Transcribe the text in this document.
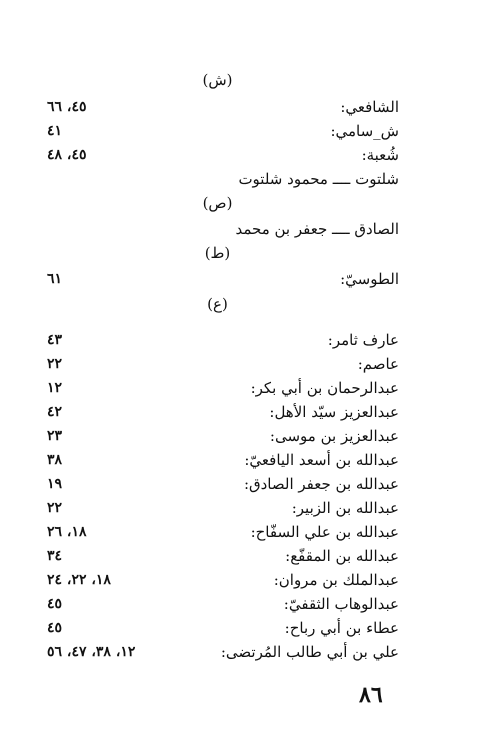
(ش)
الشافعي:
٤٥، ٦٦
ش_سامي:
٤١
شُعبة:
٤٥، ٤٨
شلتوت ــــ محمود شلتوت
(ص)
الصادق ــــ جعفر بن محمد
(ط)
الطوسيّ:
٦١
(ع)
عارف ثامر:
٤٣
عاصم:
٢٢
عبدالرحمان بن أبي بكر:
١٢
عبدالعزيز سيّد الأهل:
٤٢
عبدالعزيز بن موسى:
٢٣
عبدالله بن أسعد اليافعيّ:
٣٨
عبدالله بن جعفر الصادق:
١٩
عبدالله بن الزبير:
٢٢
عبدالله بن علي السفّاح:
١٨، ٢٦
عبدالله بن المقفّع:
٣٤
عبدالملك بن مروان:
١٨، ٢٢، ٢٤
عبدالوهاب الثقفيّ:
٤٥
عطاء بن أبي رباح:
٤٥
علي بن أبي طالب المُرتضى:
١٢، ٣٨، ٤٧، ٥٦
٨٦
